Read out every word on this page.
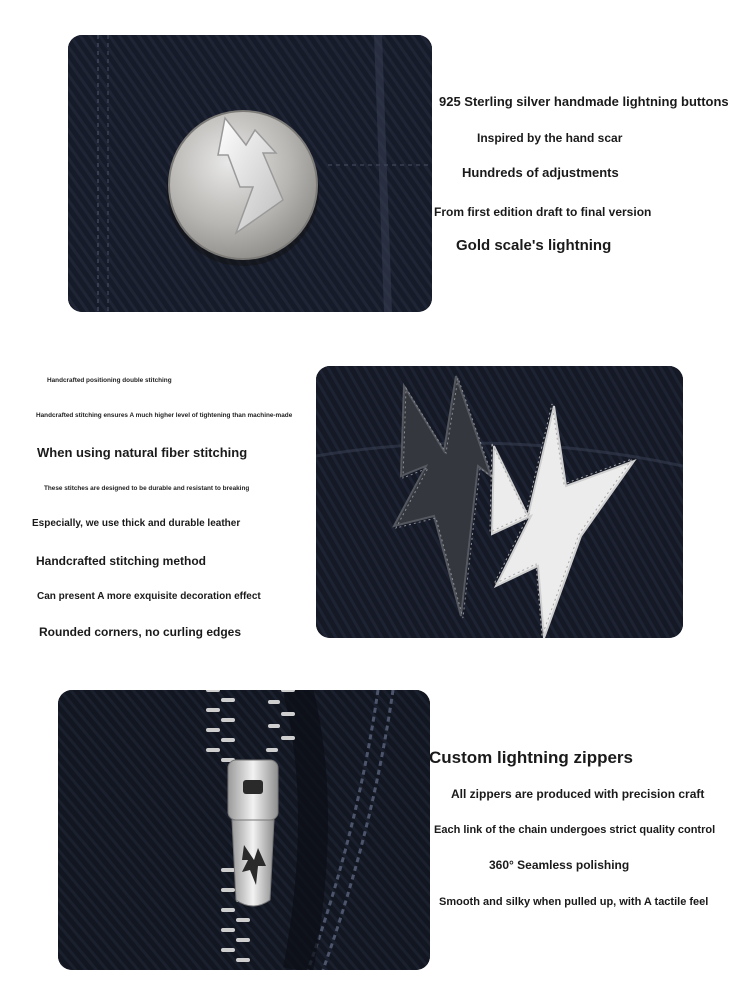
925 Sterling silver handmade lightning buttons
Inspired by the hand scar
Hundreds of adjustments
From first edition draft to final version
Gold scale's lightning
Handcrafted positioning double stitching
Handcrafted stitching ensures A much higher level of tightening than machine-made
When using natural fiber stitching
These stitches are designed to be durable and resistant to breaking
Especially, we use thick and durable leather
Handcrafted stitching method
Can present A more exquisite decoration effect
Rounded corners, no curling edges
Custom lightning zippers
All zippers are produced with precision craft
Each link of the chain undergoes strict quality control
360° Seamless polishing
Smooth and silky when pulled up, with A tactile feel
